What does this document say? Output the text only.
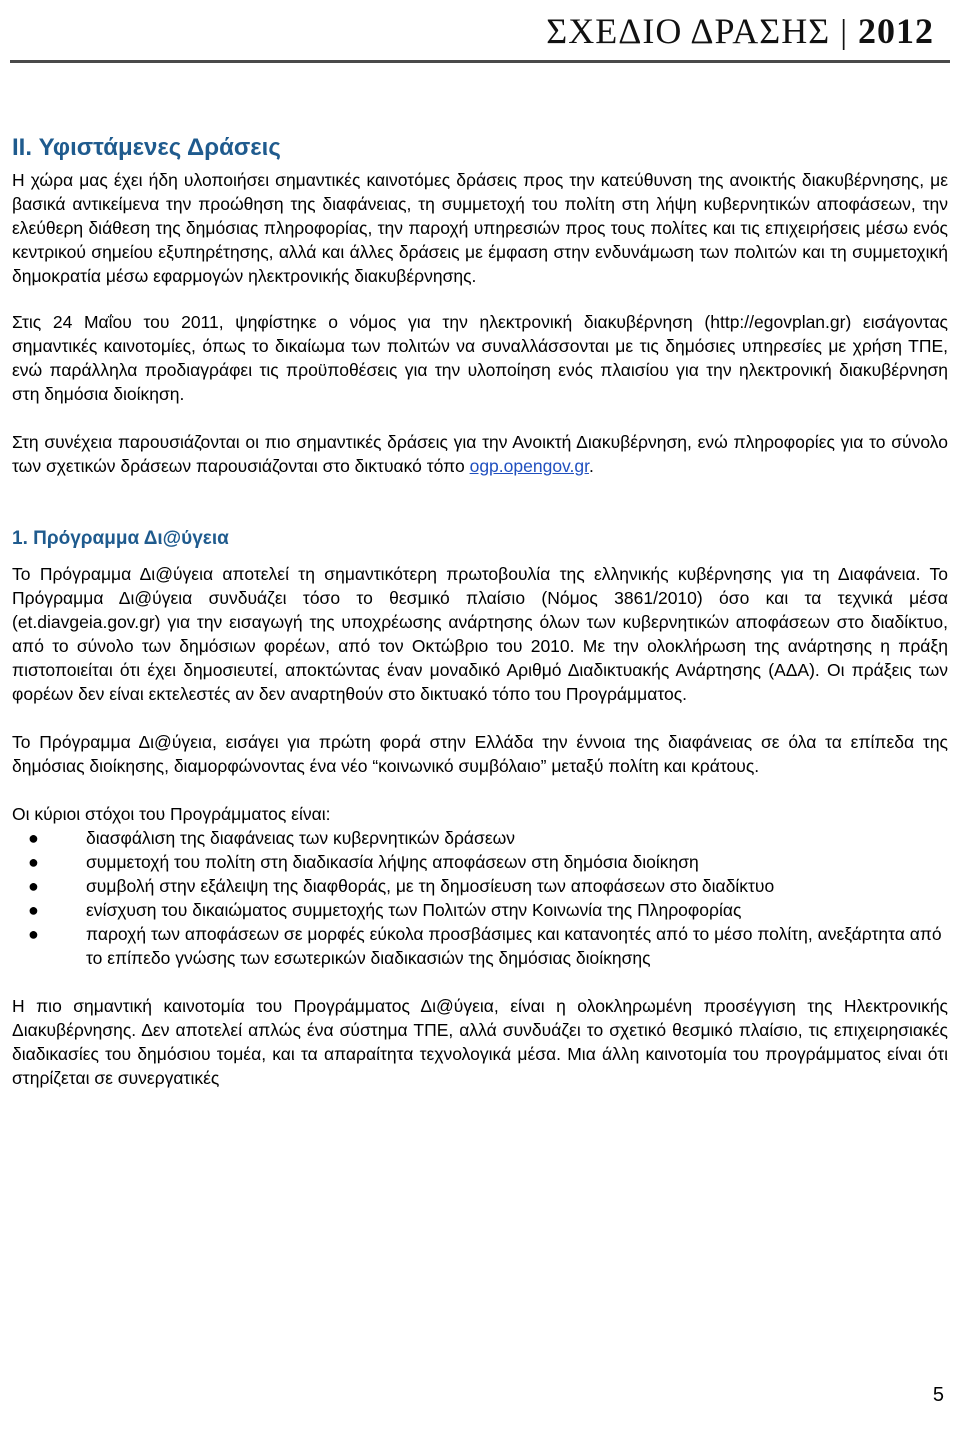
ΣΧΕΔΙΟ ΔΡΑΣΗΣ | 2012
II. Υφιστάμενες Δράσεις

Η χώρα μας έχει ήδη υλοποιήσει σημαντικές καινοτόμες δράσεις προς την κατεύθυνση της ανοικτής διακυβέρνησης, με βασικά αντικείμενα την προώθηση της διαφάνειας, τη συμμετοχή του πολίτη στη λήψη κυβερνητικών αποφάσεων, την ελεύθερη διάθεση της δημόσιας πληροφορίας, την παροχή υπηρεσιών προς τους πολίτες και τις επιχειρήσεις μέσω ενός κεντρικού σημείου εξυπηρέτησης, αλλά και άλλες δράσεις με έμφαση στην ενδυνάμωση των πολιτών και τη συμμετοχική δημοκρατία μέσω εφαρμογών ηλεκτρονικής διακυβέρνησης.

Στις 24 Μαΐου του 2011, ψηφίστηκε ο νόμος για την ηλεκτρονική διακυβέρνηση (http://egovplan.gr) εισάγοντας σημαντικές καινοτομίες, όπως το δικαίωμα των πολιτών να συναλλάσσονται με τις δημόσιες υπηρεσίες με χρήση ΤΠΕ, ενώ παράλληλα προδιαγράφει τις προϋποθέσεις για την υλοποίηση ενός πλαισίου για την ηλεκτρονική διακυβέρνηση στη δημόσια διοίκηση.

Στη συνέχεια παρουσιάζονται οι πιο σημαντικές δράσεις για την Ανοικτή Διακυβέρνηση, ενώ πληροφορίες για το σύνολο των σχετικών δράσεων παρουσιάζονται στο δικτυακό τόπο ogp.opengov.gr.

1. Πρόγραμμα Δι@ύγεια

Το Πρόγραμμα Δι@ύγεια αποτελεί τη σημαντικότερη πρωτοβουλία της ελληνικής κυβέρνησης για τη Διαφάνεια. Το Πρόγραμμα Δι@ύγεια συνδυάζει τόσο το θεσμικό πλαίσιο (Νόμος 3861/2010) όσο και τα τεχνικά μέσα (et.diavgeia.gov.gr) για την εισαγωγή της υποχρέωσης ανάρτησης όλων των κυβερνητικών αποφάσεων στο διαδίκτυο, από το σύνολο των δημόσιων φορέων, από τον Οκτώβριο του 2010. Με την ολοκλήρωση της ανάρτησης η πράξη πιστοποιείται ότι έχει δημοσιευτεί, αποκτώντας έναν μοναδικό Αριθμό Διαδικτυακής Ανάρτησης (ΑΔΑ). Οι πράξεις των φορέων δεν είναι εκτελεστές αν δεν αναρτηθούν στο δικτυακό τόπο του Προγράμματος.

Το Πρόγραμμα Δι@ύγεια, εισάγει για πρώτη φορά στην Ελλάδα την έννοια της διαφάνειας σε όλα τα επίπεδα της δημόσιας διοίκησης, διαμορφώνοντας ένα νέο “κοινωνικό συμβόλαιο” μεταξύ πολίτη και κράτους.

Οι κύριοι στόχοι του Προγράμματος είναι:

●	διασφάλιση της διαφάνειας των κυβερνητικών δράσεων
●	συμμετοχή του πολίτη στη διαδικασία λήψης αποφάσεων στη δημόσια διοίκηση
●	συμβολή στην εξάλειψη της διαφθοράς, με τη δημοσίευση των αποφάσεων στο διαδίκτυο
●	ενίσχυση του δικαιώματος συμμετοχής των Πολιτών στην Κοινωνία της Πληροφορίας
●	παροχή των αποφάσεων σε μορφές εύκολα προσβάσιμες και κατανοητές από το μέσο πολίτη, ανεξάρτητα από το επίπεδο γνώσης των εσωτερικών διαδικασιών της δημόσιας διοίκησης

Η πιο σημαντική καινοτομία του Προγράμματος Δι@ύγεια, είναι η ολοκληρωμένη προσέγγιση της Ηλεκτρονικής Διακυβέρνησης. Δεν αποτελεί απλώς ένα σύστημα ΤΠΕ, αλλά συνδυάζει το σχετικό θεσμικό πλαίσιο, τις επιχειρησιακές διαδικασίες του δημόσιου τομέα, και τα απαραίτητα τεχνολογικά μέσα. Μια άλλη καινοτομία του προγράμματος είναι ότι στηρίζεται σε συνεργατικές

5
